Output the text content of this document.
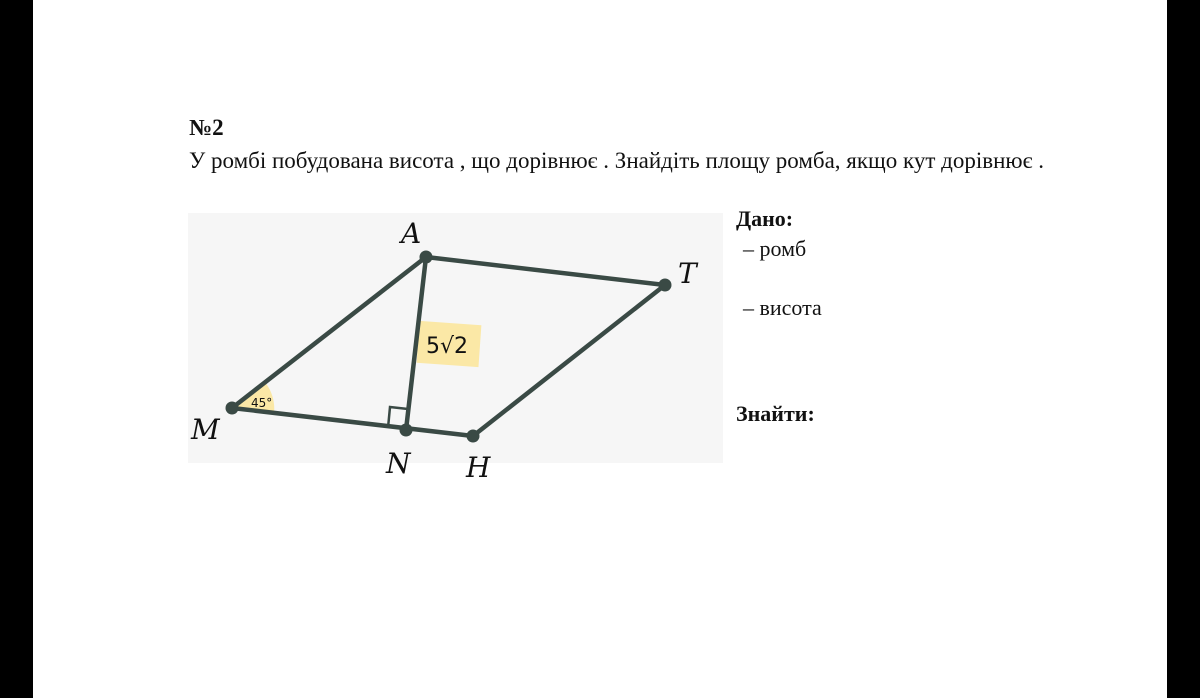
№2
У ромбі побудована висота , що дорівнює . Знайдіть площу ромба, якщо кут дорівнює .
A
T
M
N H
5√2
45°
Дано:
– ромб
– висота
Знайти:
